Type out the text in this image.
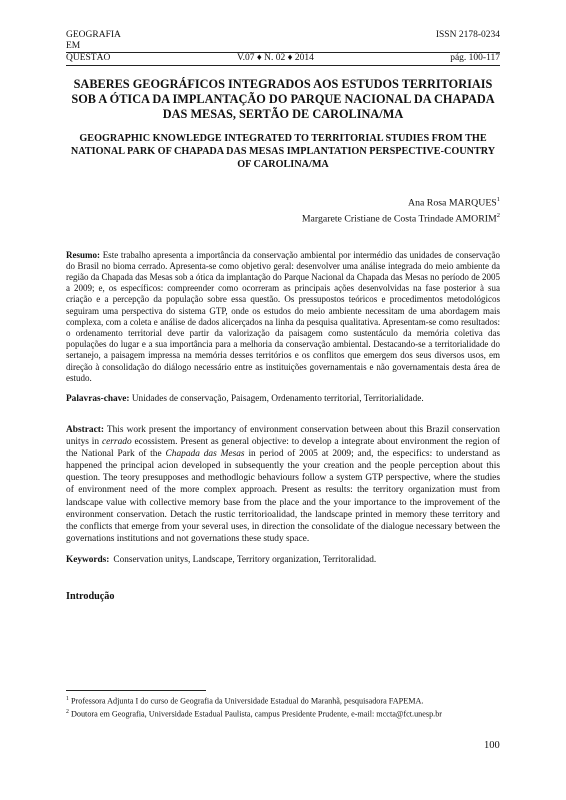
GEOGRAFIA	ISSN 2178-0234
EM
QUESTÃO	V.07 ♦ N. 02 ♦ 2014	pág. 100-117
SABERES GEOGRÁFICOS INTEGRADOS AOS ESTUDOS TERRITORIAIS SOB A ÓTICA DA IMPLANTAÇÃO DO PARQUE NACIONAL DA CHAPADA DAS MESAS, SERTÃO DE CAROLINA/MA
GEOGRAPHIC KNOWLEDGE INTEGRATED TO TERRITORIAL STUDIES FROM THE NATIONAL PARK OF CHAPADA DAS MESAS IMPLANTATION PERSPECTIVE-COUNTRY OF CAROLINA/MA
Ana Rosa MARQUES$^1$
Margarete Cristiane de Costa Trindade AMORIM$^2$
Resumo: Este trabalho apresenta a importância da conservação ambiental por intermédio das unidades de conservação do Brasil no bioma cerrado. Apresenta-se como objetivo geral: desenvolver uma análise integrada do meio ambiente da região da Chapada das Mesas sob a ótica da implantação do Parque Nacional da Chapada das Mesas no período de 2005 a 2009; e, os específicos: compreender como ocorreram as principais ações desenvolvidas na fase posterior à sua criação e a percepção da população sobre essa questão. Os pressupostos teóricos e procedimentos metodológicos seguiram uma perspectiva do sistema GTP, onde os estudos do meio ambiente necessitam de uma abordagem mais complexa, com a coleta e análise de dados alicerçados na linha da pesquisa qualitativa. Apresentam-se como resultados: o ordenamento territorial deve partir da valorização da paisagem como sustentáculo da memória coletiva das populações do lugar e a sua importância para a melhoria da conservação ambiental. Destacando-se a territorialidade do sertanejo, a paisagem impressa na memória desses territórios e os conflitos que emergem dos seus diversos usos, em direção à consolidação do diálogo necessário entre as instituições governamentais e não governamentais desta área de estudo.
Palavras-chave: Unidades de conservação, Paisagem, Ordenamento territorial, Territorialidade.
Abstract: This work present the importancy of environment conservation between about this Brazil conservation unitys in cerrado ecossistem. Present as general objective: to develop a integrate about environment the region of the National Park of the Chapada das Mesas in period of 2005 at 2009; and, the especifics: to understand as happened the principal acion developed in subsequently the your creation and the people perception about this question. The teory presupposes and methodlogic behaviours follow a system GTP perspective, where the studies of environment need of the more complex approach. Present as results: the territory organization must from landscape value with collective memory base from the place and the your importance to the improvement of the environment conservation. Detach the rustic territorioalidad, the landscape printed in memory these territory and the conflicts that emerge from your several uses, in direction the consolidate of the dialogue necessary between the governations institutions and not governations these study space.
Keywords: Conservation unitys, Landscape, Territory organization, Territoralidad.
Introdução
$^1$ Professora Adjunta I do curso de Geografia da Universidade Estadual do Maranhã, pesquisadora FAPEMA.
$^2$ Doutora em Geografia, Universidade Estadual Paulista, campus Presidente Prudente, e-mail: mccta@fct.unesp.br
100
